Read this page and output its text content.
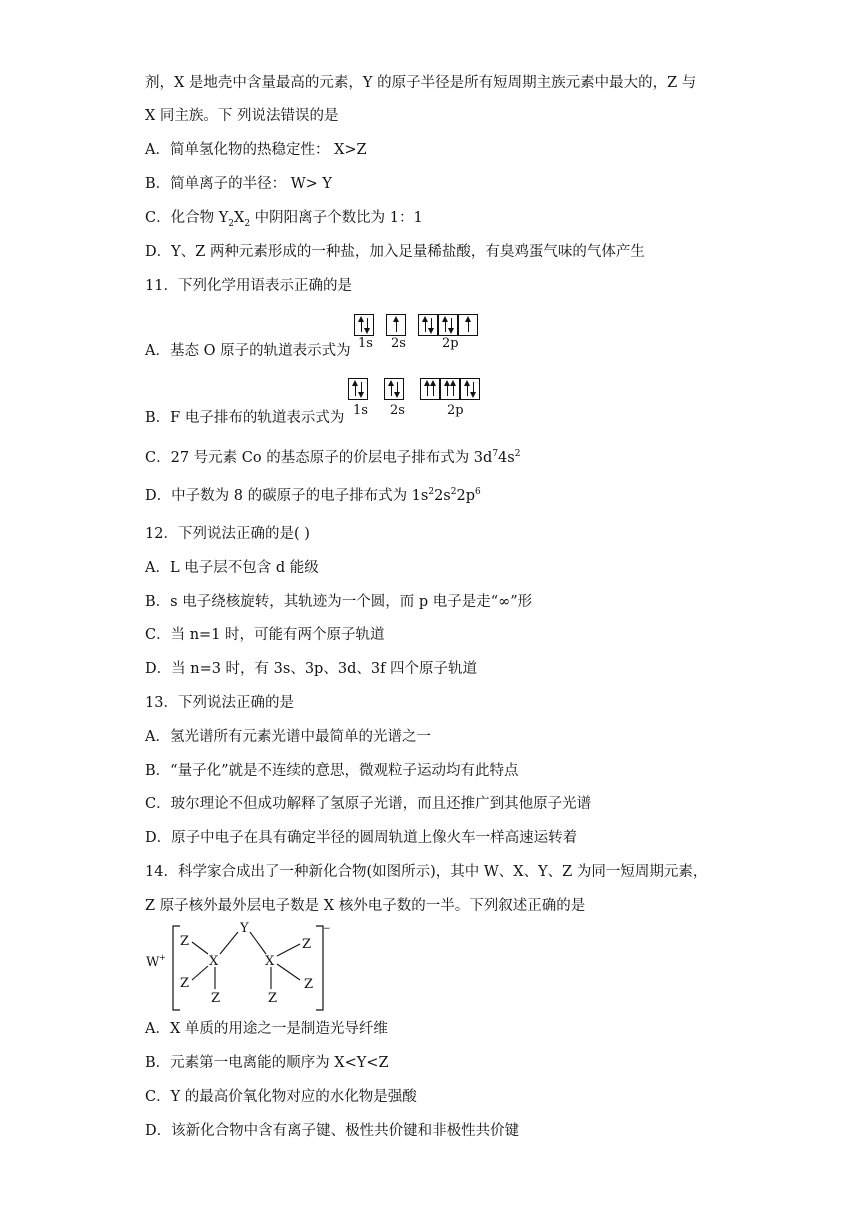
剂，X 是地壳中含量最高的元素，Y 的原子半径是所有短周期主族元素中最大的，Z 与
X 同主族。下 列说法错误的是
A．简单氢化物的热稳定性： X>Z
B．简单离子的半径： W> Y
C．化合物 $Y_2X_2$ 中阴阳离子个数比为 1：1
D．Y、Z 两种元素形成的一种盐，加入足量稀盐酸，有臭鸡蛋气味的气体产生
11．下列化学用语表示正确的是
A．基态 O 原子的轨道表示式为 1s 2s	2p
B．F 电子排布的轨道表示式为 1s 2s	2p
C．27 号元素 Co 的基态原子的价层电子排布式为 $3d^74s^2$
D．中子数为 8 的碳原子的电子排布式为 $1s^22s^22p^6$
12．下列说法正确的是( )
A．L 电子层不包含 d 能级
B．s 电子绕核旋转，其轨迹为一个圆，而 p 电子是走“∞”形
C．当 n=1 时，可能有两个原子轨道
D．当 n=3 时，有 3s、3p、3d、3f 四个原子轨道
13．下列说法正确的是
A．氢光谱所有元素光谱中最简单的光谱之一
B．“量子化”就是不连续的意思，微观粒子运动均有此特点
C．玻尔理论不但成功解释了氢原子光谱，而且还推广到其他原子光谱
D．原子中电子在具有确定半径的圆周轨道上像火车一样高速运转着
14．科学家合成出了一种新化合物(如图所示)，其中 W、X、Y、Z 为同一短周期元素，
Z 原子核外最外层电子数是 X 核外电子数的一半。下列叙述正确的是
W +
−
Y
X	X
Z
Z
Z
Z
Z
Z
A．X 单质的用途之一是制造光导纤维
B．元素第一电离能的顺序为 X<Y<Z
C．Y 的最高价氧化物对应的水化物是强酸
D．该新化合物中含有离子键、极性共价键和非极性共价键
